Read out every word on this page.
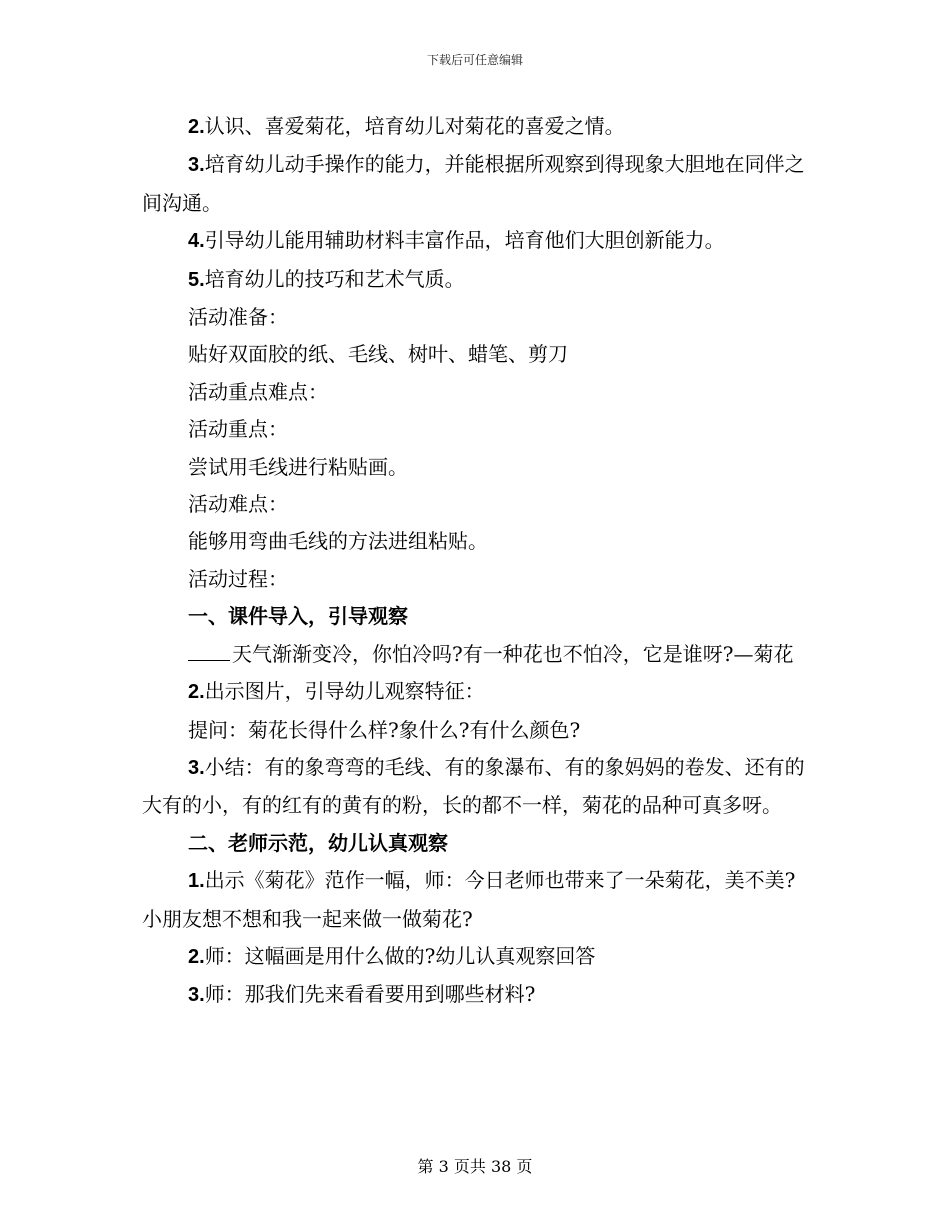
下载后可任意编辑

2.认识、喜爱菊花，培育幼儿对菊花的喜爱之情。

3.培育幼儿动手操作的能力，并能根据所观察到得现象大胆地在同伴之间沟通。

4.引导幼儿能用辅助材料丰富作品，培育他们大胆创新能力。

5.培育幼儿的技巧和艺术气质。

活动准备：

贴好双面胶的纸、毛线、树叶、蜡笔、剪刀

活动重点难点：

活动重点：

尝试用毛线进行粘贴画。

活动难点：

能够用弯曲毛线的方法进组粘贴。

活动过程：

一、课件导入，引导观察

天气渐渐变冷，你怕冷吗?有一种花也不怕冷，它是谁呀?—菊花

2.出示图片，引导幼儿观察特征：

提问：菊花长得什么样?象什么?有什么颜色?

3.小结：有的象弯弯的毛线、有的象瀑布、有的象妈妈的卷发、还有的大有的小，有的红有的黄有的粉，长的都不一样，菊花的品种可真多呀。

二、老师示范，幼儿认真观察

1.出示《菊花》范作一幅，师：今日老师也带来了一朵菊花，美不美?小朋友想不想和我一起来做一做菊花?

2.师：这幅画是用什么做的?幼儿认真观察回答

3.师：那我们先来看看要用到哪些材料?

第 3 页共 38 页
